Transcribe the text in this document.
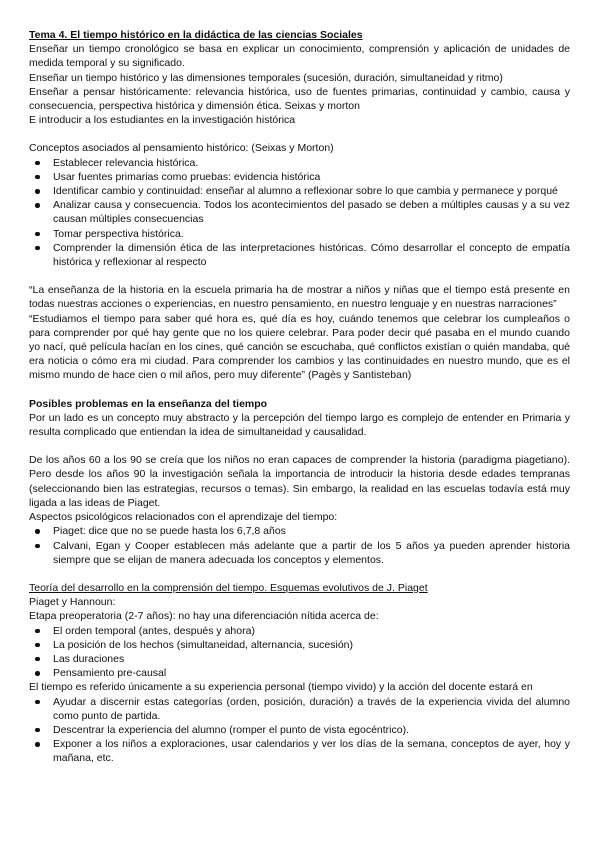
Tema 4. El tiempo histórico en la didáctica de las ciencias Sociales

Enseñar un tiempo cronológico se basa en explicar un conocimiento, comprensión y aplicación de unidades de medida temporal y su significado.

Enseñar un tiempo histórico y las dimensiones temporales (sucesión, duración, simultaneidad y ritmo)

Enseñar a pensar históricamente: relevancia histórica, uso de fuentes primarias, continuidad y cambio, causa y consecuencia, perspectiva histórica y dimensión ética. Seixas y morton

E introducir a los estudiantes en la investigación histórica

Conceptos asociados al pensamiento histórico: (Seixas y Morton)

Establecer relevancia histórica.
Usar fuentes primarias como pruebas: evidencia histórica
Identificar cambio y continuidad: enseñar al alumno a reflexionar sobre lo que cambia y permanece y porqué
Analizar causa y consecuencia. Todos los acontecimientos del pasado se deben a múltiples causas y a su vez causan múltiples consecuencias
Tomar perspectiva histórica.
Comprender la dimensión ética de las interpretaciones históricas. Cómo desarrollar el concepto de empatía histórica y reflexionar al respecto

“La enseñanza de la historia en la escuela primaria ha de mostrar a niños y niñas que el tiempo está presente en todas nuestras acciones o experiencias, en nuestro pensamiento, en nuestro lenguaje y en nuestras narraciones”

“Estudiamos el tiempo para saber qué hora es, qué día es hoy, cuándo tenemos que celebrar los cumpleaños o para comprender por qué hay gente que no los quiere celebrar. Para poder decir qué pasaba en el mundo cuando yo nací, qué película hacían en los cines, qué canción se escuchaba, qué conflictos existían o quién mandaba, qué era noticia o cómo era mi ciudad. Para comprender los cambios y las continuidades en nuestro mundo, que es el mismo mundo de hace cien o mil años, pero muy diferente” (Pagès y Santisteban)

Posibles problemas en la enseñanza del tiempo

Por un lado es un concepto muy abstracto y la percepción del tiempo largo es complejo de entender en Primaria y resulta complicado que entiendan la idea de simultaneidad y causalidad.

De los años 60 a los 90 se creía que los niños no eran capaces de comprender la historia (paradigma piagetiano). Pero desde los años 90 la investigación señala la importancia de introducir la historia desde edades tempranas (seleccionando bien las estrategias, recursos o temas). Sin embargo, la realidad en las escuelas todavía está muy ligada a las ideas de Piaget.

Aspectos psicológicos relacionados con el aprendizaje del tiempo:

Piaget: dice que no se puede hasta los 6,7,8 años
Calvani, Egan y Cooper establecen más adelante que a partir de los 5 años ya pueden aprender historia siempre que se elijan de manera adecuada los conceptos y elementos.

Teoría del desarrollo en la comprensión del tiempo. Esquemas evolutivos de J. Piaget

Piaget y Hannoun:

Etapa preoperatoria (2-7 años): no hay una diferenciación nítida acerca de:

El orden temporal (antes, después y ahora)
La posición de los hechos (simultaneidad, alternancia, sucesión)
Las duraciones
Pensamiento pre-causal

El tiempo es referido únicamente a su experiencia personal (tiempo vivido) y la acción del docente estará en

Ayudar a discernir estas categorías (orden, posición, duración) a través de la experiencia vivida del alumno como punto de partida.
Descentrar la experiencia del alumno (romper el punto de vista egocéntrico).
Exponer a los niños a exploraciones, usar calendarios y ver los días de la semana, conceptos de ayer, hoy y mañana, etc.
